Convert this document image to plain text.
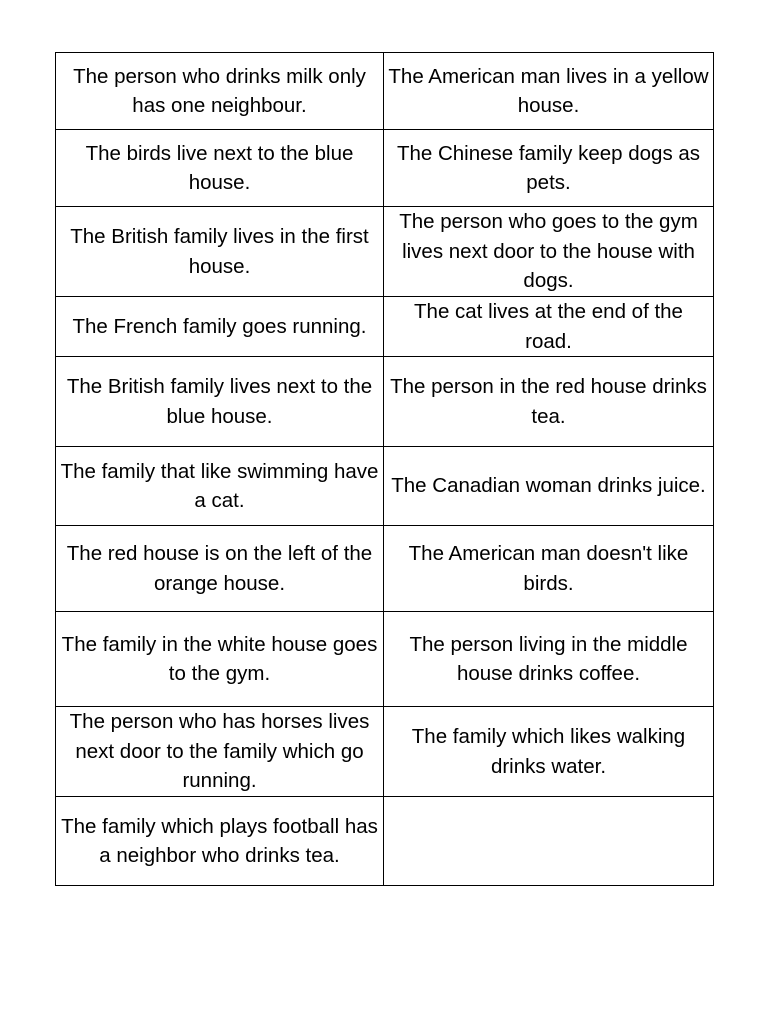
The person who drinks milk only has one neighbour.	The American man lives in a yellow house.
The birds live next to the blue house.	The Chinese family keep dogs as pets.
The British family lives in the first house.	The person who goes to the gym lives next door to the house with dogs.
The French family goes running.	The cat lives at the end of the road.
The British family lives next to the blue house.	The person in the red house drinks tea.
The family that like swimming have a cat.	The Canadian woman drinks juice.
The red house is on the left of the orange house.	The American man doesn't like birds.
The family in the white house goes to the gym.	The person living in the middle house drinks coffee.
The person who has horses lives next door to the family which go running.	The family which likes walking drinks water.
The family which plays football has a neighbor who drinks tea.	
